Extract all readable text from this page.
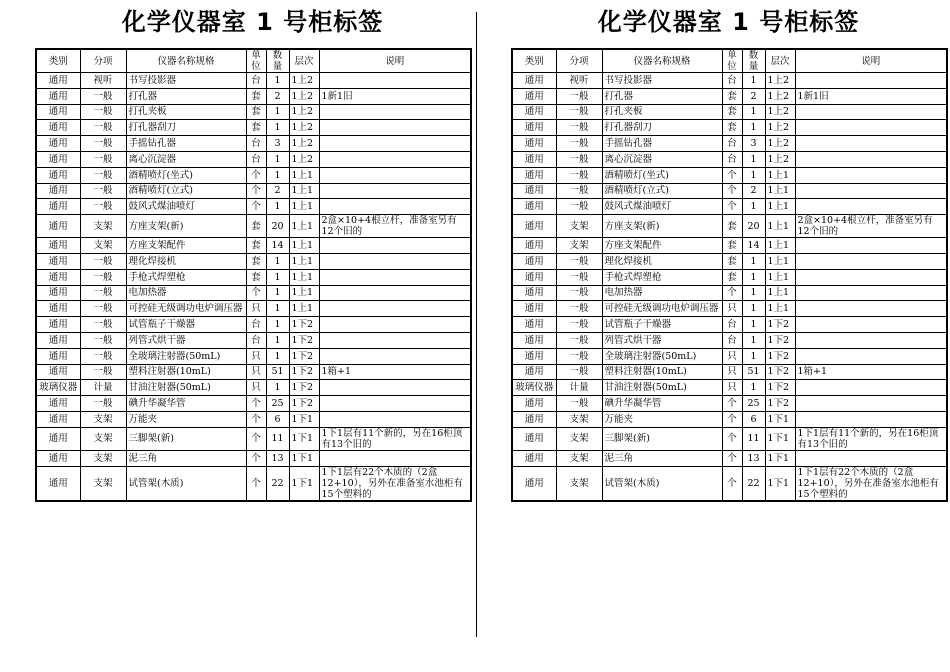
化学仪器室 1 号柜标签
类别	分项	仪器名称规格	单位	数量	层次	说明
通用	视听	书写投影器	台	1	1上2	
通用	一般	打孔器	套	2	1上2	1新1旧
通用	一般	打孔夹板	套	1	1上2	
通用	一般	打孔器刮刀	套	1	1上2	
通用	一般	手摇钻孔器	台	3	1上2	
通用	一般	离心沉淀器	台	1	1上2	
通用	一般	酒精喷灯(坐式)	个	1	1上1	
通用	一般	酒精喷灯(立式)	个	2	1上1	
通用	一般	鼓风式煤油喷灯	个	1	1上1	
通用	支架	方座支架(新)	套	20	1上1	2盒×10+4根立杆，准备室另有12个旧的
通用	支架	方座支架配件	套	14	1上1	
通用	一般	理化焊接机	套	1	1上1	
通用	一般	手枪式焊塑枪	套	1	1上1	
通用	一般	电加热器	个	1	1上1	
通用	一般	可控硅无级调功电炉调压器	只	1	1上1	
通用	一般	试管瓶子干燥器	台	1	1下2	
通用	一般	列管式烘干器	台	1	1下2	
通用	一般	全玻璃注射器(50mL)	只	1	1下2	
通用	一般	塑料注射器(10mL)	只	51	1下2	1箱+1
玻璃仪器	计量	甘油注射器(50mL)	只	1	1下2	
通用	一般	碘升华凝华管	个	25	1下2	
通用	支架	万能夹	个	6	1下1	
通用	支架	三脚架(新)	个	11	1下1	1下1层有11个新的，另在16柜顶有13个旧的
通用	支架	泥三角	个	13	1下1	
通用	支架	试管架(木质)	个	22	1下1	1下1层有22个木质的（2盒12+10），另外在准备室水池柜有15个塑料的
化学仪器室 1 号柜标签
类别	分项	仪器名称规格	单位	数量	层次	说明
通用	视听	书写投影器	台	1	1上2	
通用	一般	打孔器	套	2	1上2	1新1旧
通用	一般	打孔夹板	套	1	1上2	
通用	一般	打孔器刮刀	套	1	1上2	
通用	一般	手摇钻孔器	台	3	1上2	
通用	一般	离心沉淀器	台	1	1上2	
通用	一般	酒精喷灯(坐式)	个	1	1上1	
通用	一般	酒精喷灯(立式)	个	2	1上1	
通用	一般	鼓风式煤油喷灯	个	1	1上1	
通用	支架	方座支架(新)	套	20	1上1	2盒×10+4根立杆，准备室另有12个旧的
通用	支架	方座支架配件	套	14	1上1	
通用	一般	理化焊接机	套	1	1上1	
通用	一般	手枪式焊塑枪	套	1	1上1	
通用	一般	电加热器	个	1	1上1	
通用	一般	可控硅无级调功电炉调压器	只	1	1上1	
通用	一般	试管瓶子干燥器	台	1	1下2	
通用	一般	列管式烘干器	台	1	1下2	
通用	一般	全玻璃注射器(50mL)	只	1	1下2	
通用	一般	塑料注射器(10mL)	只	51	1下2	1箱+1
玻璃仪器	计量	甘油注射器(50mL)	只	1	1下2	
通用	一般	碘升华凝华管	个	25	1下2	
通用	支架	万能夹	个	6	1下1	
通用	支架	三脚架(新)	个	11	1下1	1下1层有11个新的，另在16柜顶有13个旧的
通用	支架	泥三角	个	13	1下1	
通用	支架	试管架(木质)	个	22	1下1	1下1层有22个木质的（2盒12+10），另外在准备室水池柜有15个塑料的
